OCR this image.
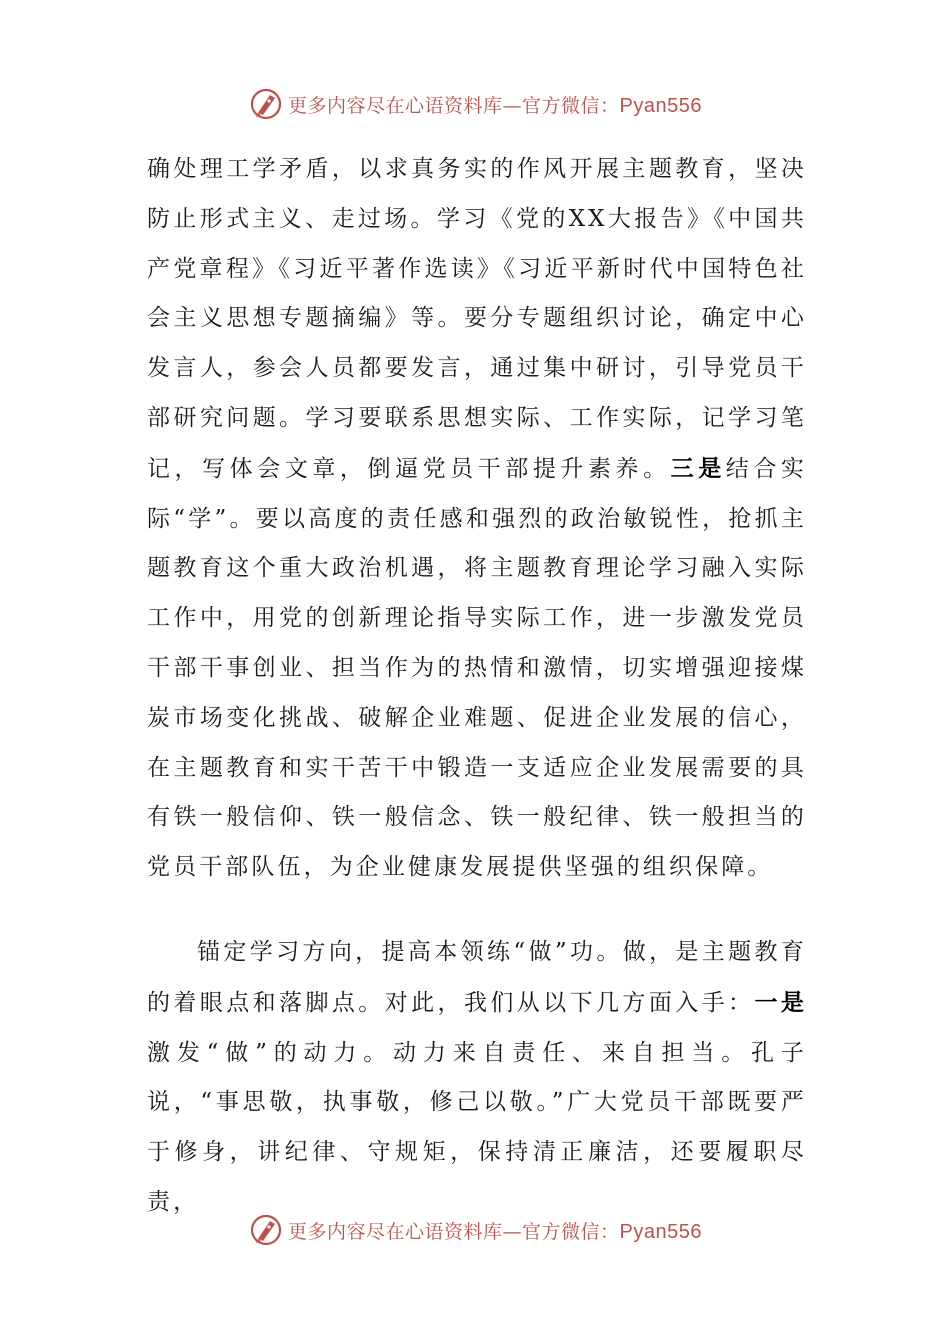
更多内容尽在心语资料库—官方微信：Pyan556

确处理工学矛盾，以求真务实的作风开展主题教育，坚决防止形式主义、走过场。学习《党的XX大报告》《中国共产党章程》《习近平著作选读》《习近平新时代中国特色社会主义思想专题摘编》等。要分专题组织讨论，确定中心发言人，参会人员都要发言，通过集中研讨，引导党员干部研究问题。学习要联系思想实际、工作实际，记学习笔记，写体会文章，倒逼党员干部提升素养。三是结合实际“学”。要以高度的责任感和强烈的政治敏锐性，抢抓主题教育这个重大政治机遇，将主题教育理论学习融入实际工作中，用党的创新理论指导实际工作，进一步激发党员干部干事创业、担当作为的热情和激情，切实增强迎接煤炭市场变化挑战、破解企业难题、促进企业发展的信心，在主题教育和实干苦干中锻造一支适应企业发展需要的具有铁一般信仰、铁一般信念、铁一般纪律、铁一般担当的党员干部队伍，为企业健康发展提供坚强的组织保障。

锚定学习方向，提高本领练“做”功。做，是主题教育的着眼点和落脚点。对此，我们从以下几方面入手：一是激发“做”的动力。动力来自责任、来自担当。孔子说，“事思敬，执事敬，修己以敬。”广大党员干部既要严于修身，讲纪律、守规矩，保持清正廉洁，还要履职尽责，

更多内容尽在心语资料库—官方微信：Pyan556
